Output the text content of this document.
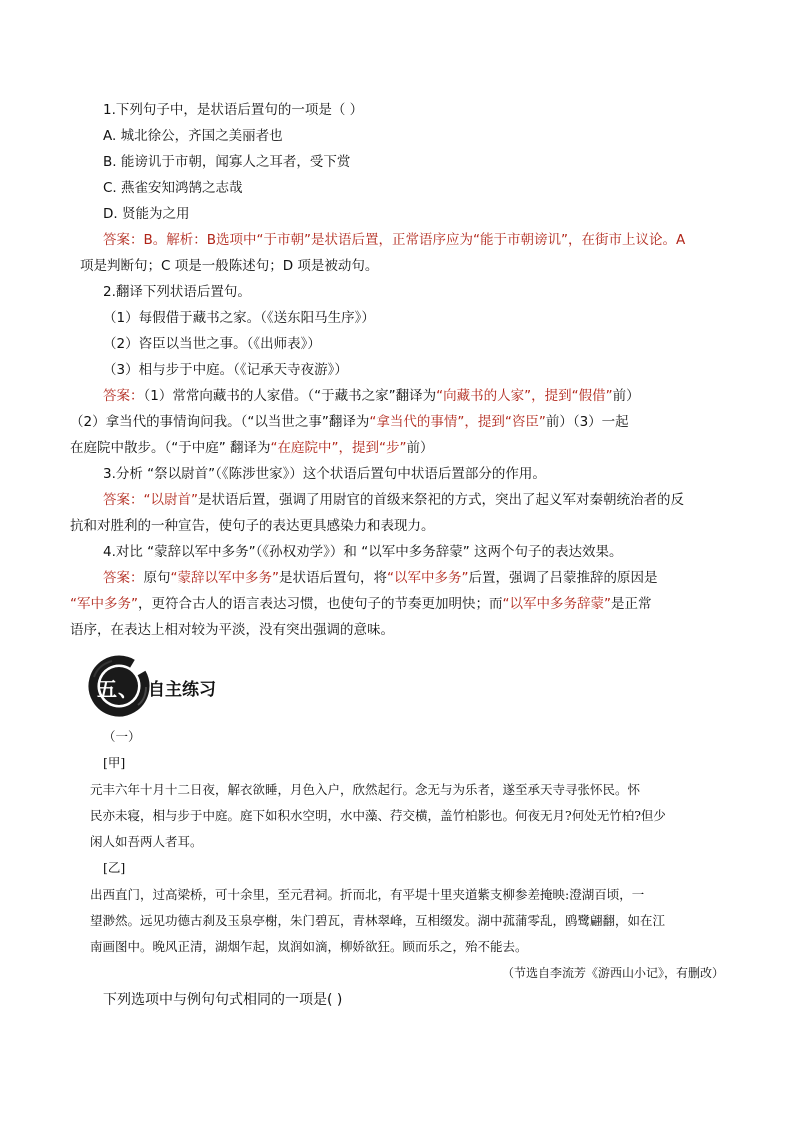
1.下列句子中，是状语后置句的一项是（ ）
A. 城北徐公，齐国之美丽者也
B. 能谤讥于市朝，闻寡人之耳者，受下赏
C. 燕雀安知鸿鹄之志哉
D. 贤能为之用
答案：B。解析：B选项中“于市朝”是状语后置，正常语序应为“能于市朝谤讥”，在街市上议论。A
项是判断句；C 项是一般陈述句；D 项是被动句。
2.翻译下列状语后置句。
（1）每假借于藏书之家。（《送东阳马生序》）
（2）咨臣以当世之事。（《出师表》）
（3）相与步于中庭。（《记承天寺夜游》）
答案：（1）常常向藏书的人家借。（“于藏书之家”翻译为“向藏书的人家”，提到“假借”前）
（2）拿当代的事情询问我。（“以当世之事”翻译为“拿当代的事情”，提到“咨臣”前）（3）一起
在庭院中散步。（“于中庭” 翻译为“在庭院中”，提到“步”前）
3.分析 “祭以尉首”（《陈涉世家》）这个状语后置句中状语后置部分的作用。
答案：“以尉首”是状语后置，强调了用尉官的首级来祭祀的方式，突出了起义军对秦朝统治者的反
抗和对胜利的一种宣告，使句子的表达更具感染力和表现力。
4.对比 “蒙辞以军中多务”（《孙权劝学》）和 “以军中多务辞蒙” 这两个句子的表达效果。
答案：原句“蒙辞以军中多务”是状语后置句，将“以军中多务”后置，强调了吕蒙推辞的原因是
“军中多务”，更符合古人的语言表达习惯，也使句子的节奏更加明快；而“以军中多务辞蒙”是正常
语序，在表达上相对较为平淡，没有突出强调的意味。
五、 自主练习
（一）
[甲]
元丰六年十月十二日夜，解衣欲睡，月色入户，欣然起行。念无与为乐者，遂至承天寺寻张怀民。怀
民亦未寝，相与步于中庭。庭下如积水空明，水中藻、荇交横，盖竹柏影也。何夜无月?何处无竹柏?但少
闲人如吾两人者耳。
[乙]
出西直门，过高梁桥，可十余里，至元君祠。折而北，有平堤十里夹道紫支柳参差掩映:澄湖百顷，一
望渺然。远见功德古刹及玉泉亭榭，朱门碧瓦，青林翠峰，互相缀发。湖中菰蒲零乱，鸥鹭翩翻，如在江
南画图中。晚风正清，湖烟乍起，岚润如滴，柳娇欲狂。顾而乐之，殆不能去。
（节选自李流芳《游西山小记》，有删改）
下列选项中与例句句式相同的一项是( )
